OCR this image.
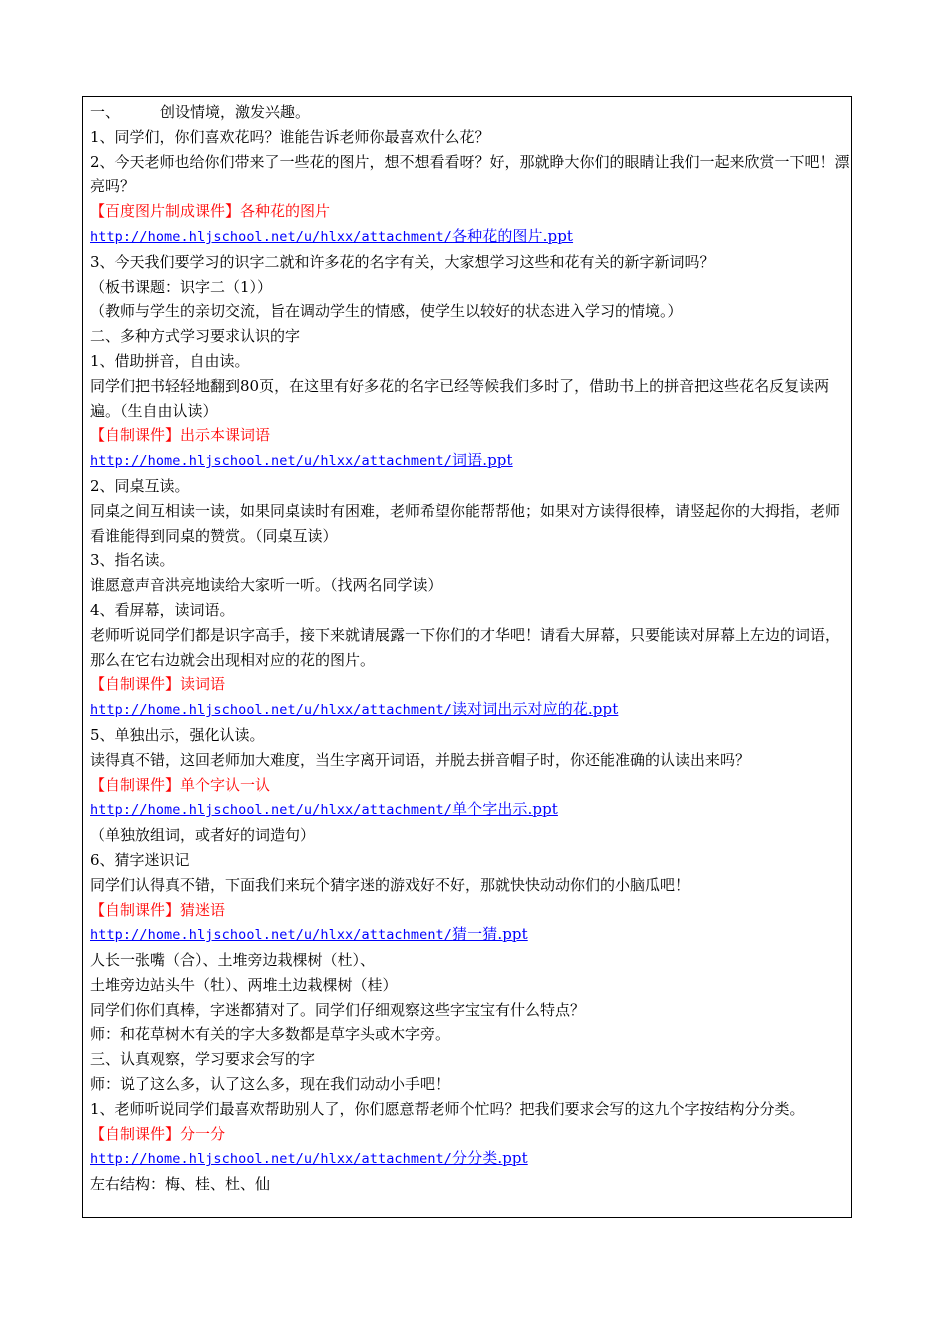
一、	创设情境，激发兴趣。
1、同学们，你们喜欢花吗？谁能告诉老师你最喜欢什么花？
2、今天老师也给你们带来了一些花的图片，想不想看看呀？好，那就睁大你们的眼睛让我们一起来欣赏一下吧！漂亮吗？
【百度图片制成课件】各种花的图片
http://home.hljschool.net/u/hlxx/attachment/各种花的图片.ppt
3、今天我们要学习的识字二就和许多花的名字有关，大家想学习这些和花有关的新字新词吗？
（板书课题：识字二（1））
（教师与学生的亲切交流，旨在调动学生的情感，使学生以较好的状态进入学习的情境。）
二、多种方式学习要求认识的字
1、借助拼音，自由读。
同学们把书轻轻地翻到80页，在这里有好多花的名字已经等候我们多时了，借助书上的拼音把这些花名反复读两遍。（生自由认读）
【自制课件】出示本课词语
http://home.hljschool.net/u/hlxx/attachment/词语.ppt
2、同桌互读。
同桌之间互相读一读，如果同桌读时有困难，老师希望你能帮帮他；如果对方读得很棒，请竖起你的大拇指，老师看谁能得到同桌的赞赏。（同桌互读）
3、指名读。
谁愿意声音洪亮地读给大家听一听。（找两名同学读）
4、看屏幕，读词语。
老师听说同学们都是识字高手，接下来就请展露一下你们的才华吧！请看大屏幕，只要能读对屏幕上左边的词语，那么在它右边就会出现相对应的花的图片。
【自制课件】读词语
http://home.hljschool.net/u/hlxx/attachment/读对词出示对应的花.ppt
5、单独出示，强化认读。
读得真不错，这回老师加大难度，当生字离开词语，并脱去拼音帽子时，你还能准确的认读出来吗？
【自制课件】单个字认一认
http://home.hljschool.net/u/hlxx/attachment/单个字出示.ppt
（单独放组词，或者好的词造句）
6、猜字迷识记
同学们认得真不错，下面我们来玩个猜字迷的游戏好不好，那就快快动动你们的小脑瓜吧！
【自制课件】猜迷语
http://home.hljschool.net/u/hlxx/attachment/猜一猜.ppt
人长一张嘴（合）、土堆旁边栽棵树（杜）、
土堆旁边站头牛（牡）、两堆土边栽棵树（桂）
同学们你们真棒，字迷都猜对了。同学们仔细观察这些字宝宝有什么特点？
师：和花草树木有关的字大多数都是草字头或木字旁。
三、认真观察，学习要求会写的字
师：说了这么多，认了这么多，现在我们动动小手吧！
1、老师听说同学们最喜欢帮助别人了，你们愿意帮老师个忙吗？把我们要求会写的这九个字按结构分分类。
【自制课件】分一分
http://home.hljschool.net/u/hlxx/attachment/分分类.ppt
左右结构：梅、桂、杜、仙
